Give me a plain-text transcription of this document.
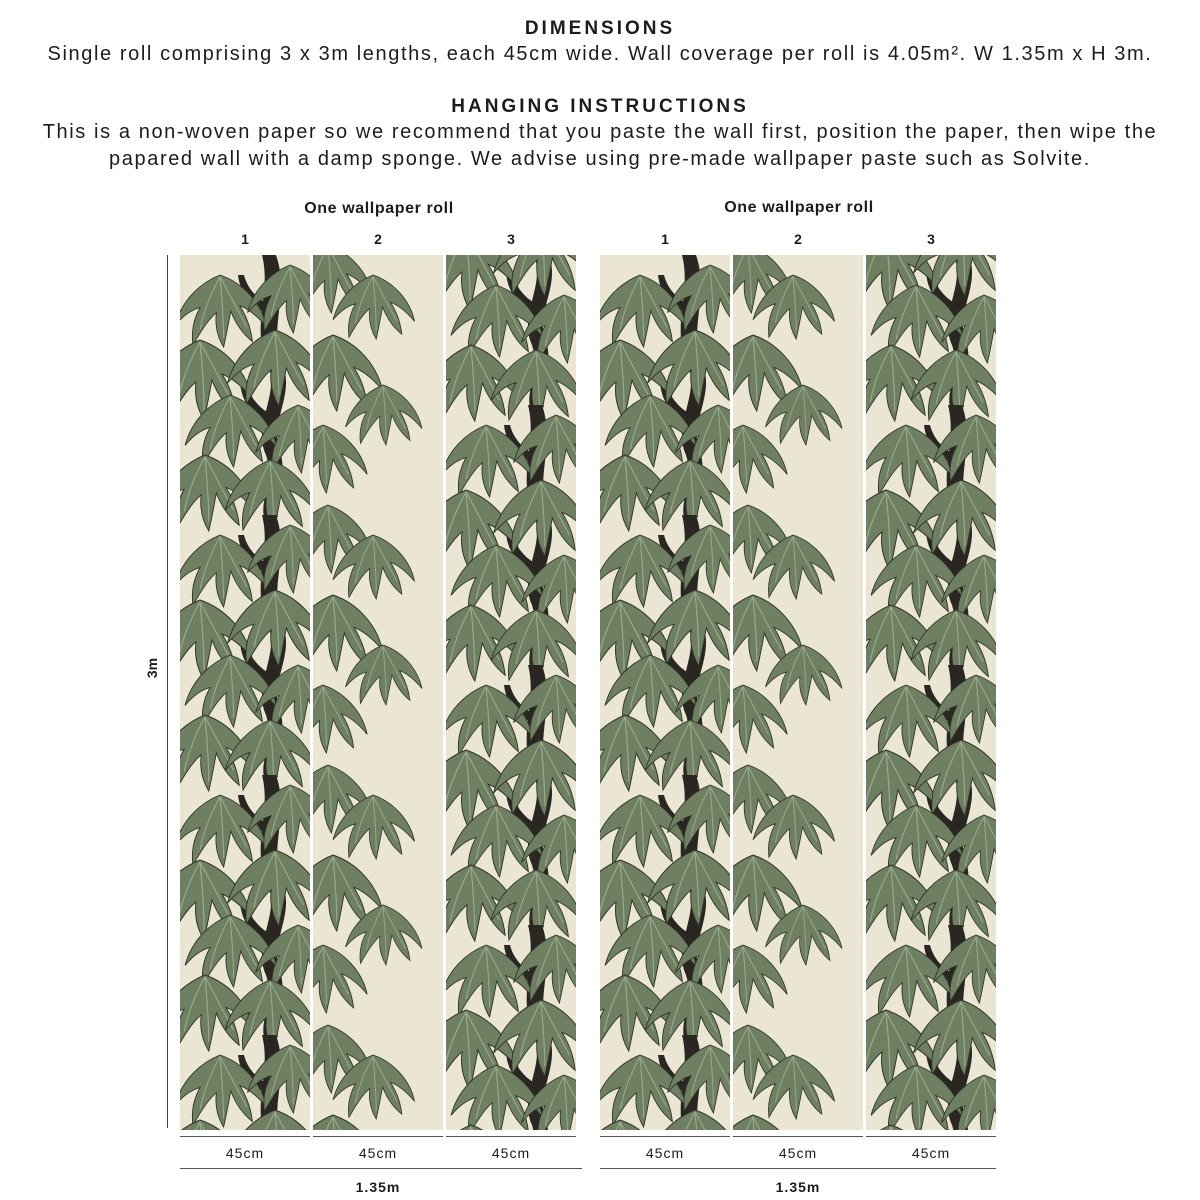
DIMENSIONS
Single roll comprising 3 x 3m lengths, each 45cm wide. Wall coverage per roll is 4.05m². W 1.35m x H 3m.
HANGING INSTRUCTIONS
This is a non-woven paper so we recommend that you paste the wall first, position the paper, then wipe the
papared wall with a damp sponge. We advise using pre-made wallpaper paste such as Solvite.
One wallpaper roll	One wallpaper roll
1	2	3	1	2	3
3m
45cm	45cm	45cm	45cm	45cm	45cm
1.35m	1.35m
